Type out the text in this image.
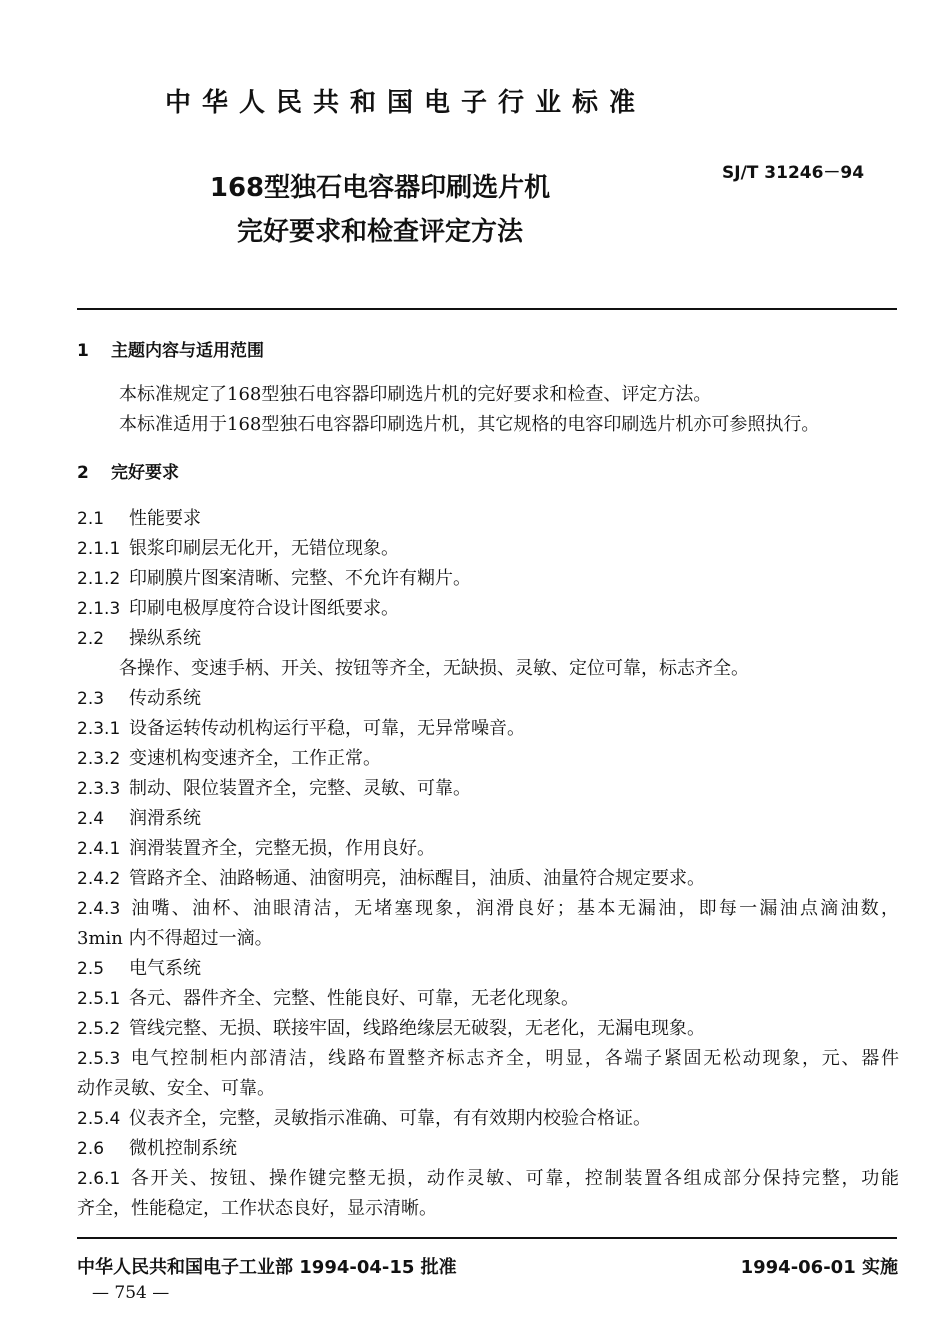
中华人民共和国电子行业标准
SJ/T 31246－94
168型独石电容器印刷选片机
完好要求和检查评定方法
1 主题内容与适用范围
本标准规定了168型独石电容器印刷选片机的完好要求和检查、评定方法。
本标准适用于168型独石电容器印刷选片机，其它规格的电容印刷选片机亦可参照执行。
2 完好要求
2.1 性能要求
2.1.1 银浆印刷层无化开，无错位现象。
2.1.2 印刷膜片图案清晰、完整、不允许有糊片。
2.1.3 印刷电极厚度符合设计图纸要求。
2.2 操纵系统
各操作、变速手柄、开关、按钮等齐全，无缺损、灵敏、定位可靠，标志齐全。
2.3 传动系统
2.3.1 设备运转传动机构运行平稳，可靠，无异常噪音。
2.3.2 变速机构变速齐全，工作正常。
2.3.3 制动、限位装置齐全，完整、灵敏、可靠。
2.4 润滑系统
2.4.1 润滑装置齐全，完整无损，作用良好。
2.4.2 管路齐全、油路畅通、油窗明亮，油标醒目，油质、油量符合规定要求。
2.4.3 油嘴、油杯、油眼清洁，无堵塞现象，润滑良好；基本无漏油，即每一漏油点滴油数，
3min 内不得超过一滴。
2.5 电气系统
2.5.1 各元、器件齐全、完整、性能良好、可靠，无老化现象。
2.5.2 管线完整、无损、联接牢固，线路绝缘层无破裂，无老化，无漏电现象。
2.5.3 电气控制柜内部清洁，线路布置整齐标志齐全，明显，各端子紧固无松动现象，元、器件
动作灵敏、安全、可靠。
2.5.4 仪表齐全，完整，灵敏指示准确、可靠，有有效期内校验合格证。
2.6 微机控制系统
2.6.1 各开关、按钮、操作键完整无损，动作灵敏、可靠，控制装置各组成部分保持完整，功能
齐全，性能稳定，工作状态良好，显示清晰。
中华人民共和国电子工业部 1994-04-15 批准	1994-06-01 实施
— 754 —
